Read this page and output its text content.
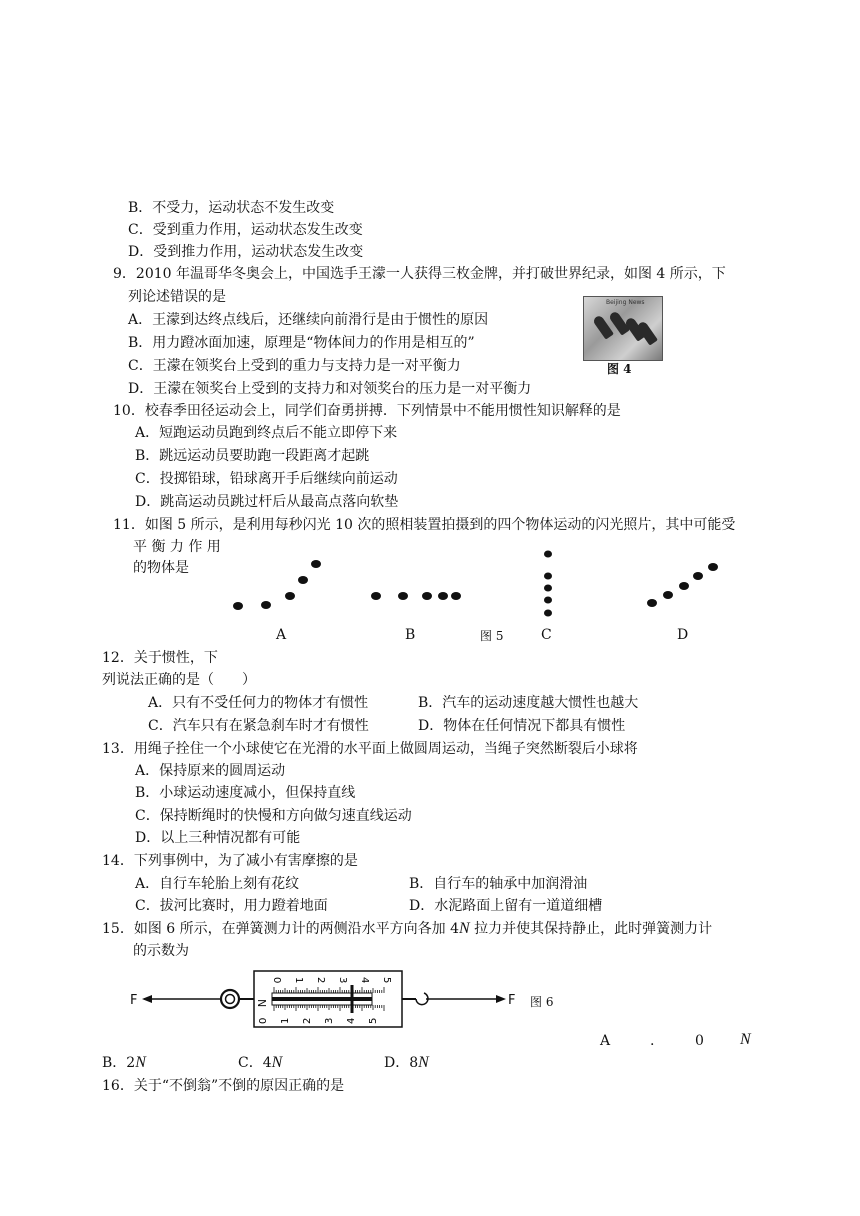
B．不受力，运动状态不发生改变
C．受到重力作用，运动状态发生改变
D．受到推力作用，运动状态发生改变
9．2010 年温哥华冬奥会上，中国选手王濛一人获得三枚金牌，并打破世界纪录，如图 4 所示，下
列论述错误的是
A．王濛到达终点线后，还继续向前滑行是由于惯性的原因
B．用力蹬冰面加速，原理是“物体间力的作用是相互的”
C．王濛在领奖台上受到的重力与支持力是一对平衡力
D．王濛在领奖台上受到的支持力和对领奖台的压力是一对平衡力
Beijing News
图 4
10．校春季田径运动会上，同学们奋勇拼搏．下列情景中不能用惯性知识解释的是
A．短跑运动员跑到终点后不能立即停下来
B．跳远运动员要助跑一段距离才起跳
C．投掷铅球，铅球离开手后继续向前运动
D．跳高运动员跳过杆后从最高点落向软垫
11．如图 5 所示，是利用每秒闪光 10 次的照相装置拍摄到的四个物体运动的闪光照片，其中可能受
平 衡 力 作 用
的物体是
A	B	图 5	C	D
12．关于惯性，下
列说法正确的是（　　）
A．只有不受任何力的物体才有惯性	B．汽车的运动速度越大惯性也越大
C．汽车只有在紧急刹车时才有惯性	D．物体在任何情况下都具有惯性
13．用绳子拴住一个小球使它在光滑的水平面上做圆周运动，当绳子突然断裂后小球将
A．保持原来的圆周运动
B．小球运动速度减小，但保持直线
C．保持断绳时的快慢和方向做匀速直线运动
D．以上三种情况都有可能
14．下列事例中，为了减小有害摩擦的是
A．自行车轮胎上刻有花纹	B．自行车的轴承中加润滑油
C．拔河比赛时，用力蹬着地面	D．水泥路面上留有一道道细槽
15．如图 6 所示，在弹簧测力计的两侧沿水平方向各加 4N 拉力并使其保持静止，此时弹簧测力计
的示数为
F	N
0
0
1
1
2
2
3
3
4
4
5
5
F 图 6
A	.	0 N
B．2N	C．4N	D．8N
16．关于“不倒翁”不倒的原因正确的是
